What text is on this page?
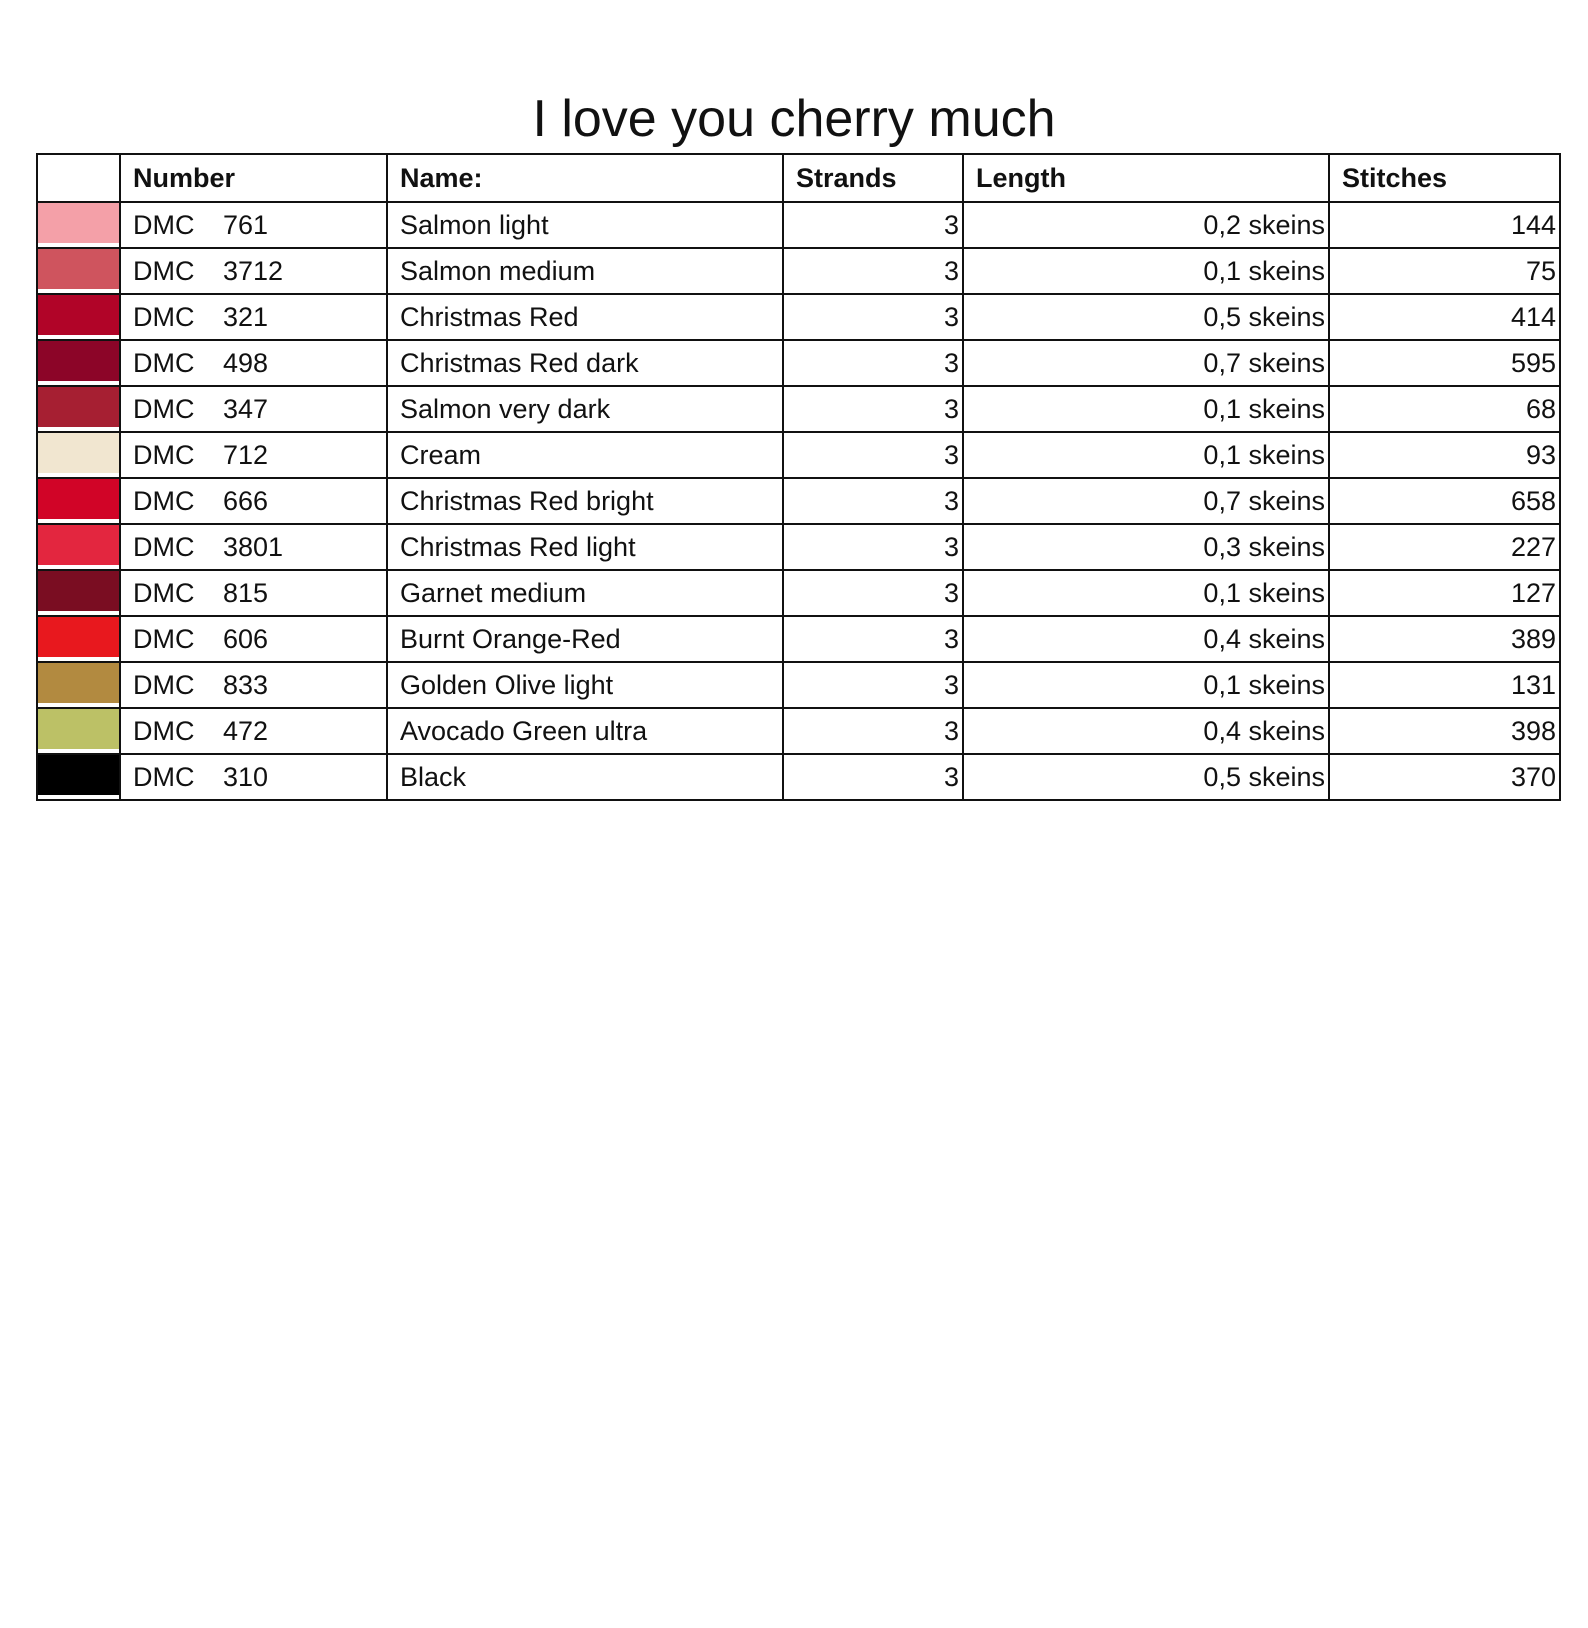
I love you cherry much
	Number	Name:	Strands	Length	Stitches

	DMC 761	Salmon light	3	0,2 skeins	144

	DMC 3712	Salmon medium	3	0,1 skeins	75

	DMC 321	Christmas Red	3	0,5 skeins	414

	DMC 498	Christmas Red dark	3	0,7 skeins	595

	DMC 347	Salmon very dark	3	0,1 skeins	68

	DMC 712	Cream	3	0,1 skeins	93

	DMC 666	Christmas Red bright	3	0,7 skeins	658

	DMC 3801	Christmas Red light	3	0,3 skeins	227

	DMC 815	Garnet medium	3	0,1 skeins	127

	DMC 606	Burnt Orange-Red	3	0,4 skeins	389

	DMC 833	Golden Olive light	3	0,1 skeins	131

	DMC 472	Avocado Green ultra	3	0,4 skeins	398

	DMC 310	Black	3	0,5 skeins	370
